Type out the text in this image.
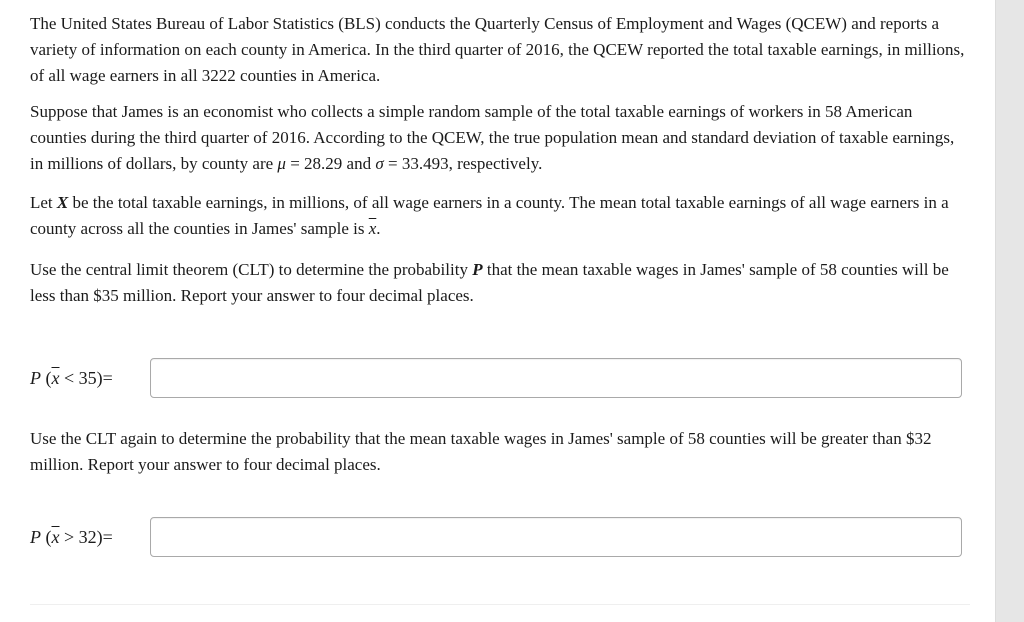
The United States Bureau of Labor Statistics (BLS) conducts the Quarterly Census of Employment and Wages (QCEW) and reports a variety of information on each county in America. In the third quarter of 2016, the QCEW reported the total taxable earnings, in millions, of all wage earners in all 3222 counties in America.

Suppose that James is an economist who collects a simple random sample of the total taxable earnings of workers in 58 American counties during the third quarter of 2016. According to the QCEW, the true population mean and standard deviation of taxable earnings, in millions of dollars, by county are μ = 28.29 and σ = 33.493, respectively.

Let X be the total taxable earnings, in millions, of all wage earners in a county. The mean total taxable earnings of all wage earners in a county across all the counties in James' sample is $\overline{x}$.

Use the central limit theorem (CLT) to determine the probability P that the mean taxable wages in James' sample of 58 counties will be less than $35 million. Report your answer to four decimal places.

P $(\overline{x} < 35)=$

Use the CLT again to determine the probability that the mean taxable wages in James' sample of 58 counties will be greater than $32 million. Report your answer to four decimal places.

P $(\overline{x} > 32)=$
